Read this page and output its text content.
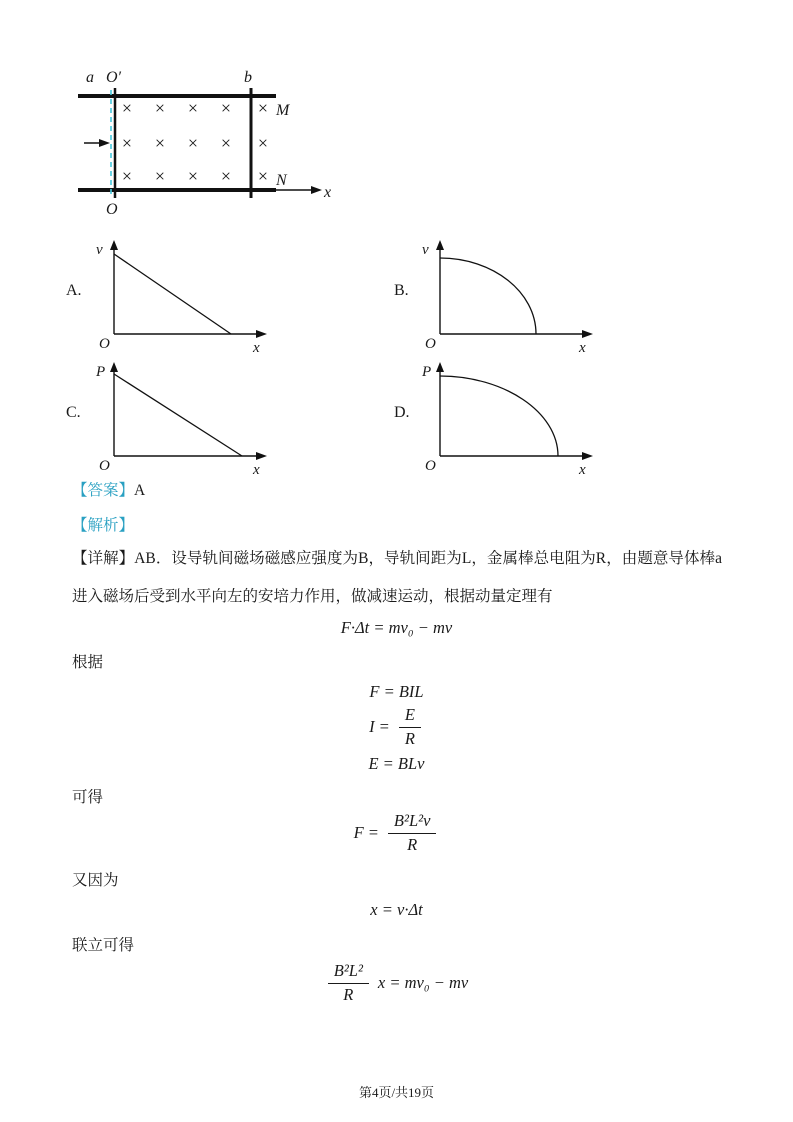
a O′	b
x
M
N
O
× × × × ×
× × × × ×
× × × × ×
A.
v
O	x
B.
v
O	x
C.
P
O	x
D.
P
O	x
【答案】A
【解析】
【详解】AB．设导轨间磁场磁感应强度为B，导轨间距为L，金属棒总电阻为R，由题意导体棒a进入磁场后受到水平向左的安培力作用，做减速运动，根据动量定理有
F·Δt = mv₀ − mv
根据
F = BIL
$I = \frac{E}{R}$
E = BLv
可得
$F = \frac{\text{B²L²v}}{R}$
又因为
x = v·Δt
联立可得
$\frac{\text{B²L²}}{R}$ x = mv₀ − mv
第4页/共19页
